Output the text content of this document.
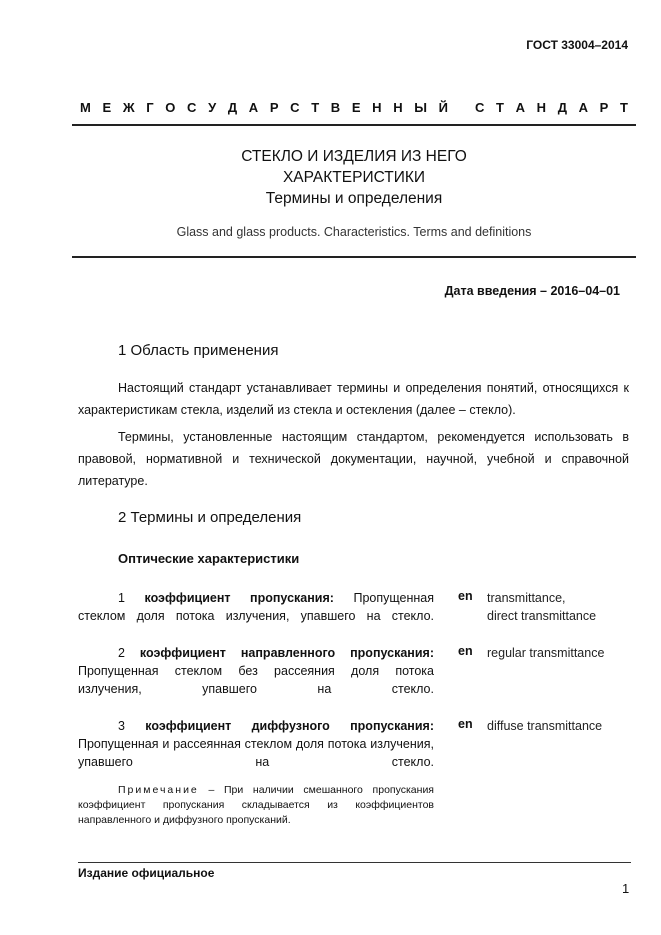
ГОСТ 33004–2014
М Е Ж Г О С У Д А Р С Т В Е Н Н Ы Й
С Т А Н Д А Р Т
СТЕКЛО И ИЗДЕЛИЯ ИЗ НЕГО
ХАРАКТЕРИСТИКИ
Термины и определения
Glass and glass products. Characteristics. Terms and definitions
Дата введения – 2016–04–01
1 Область применения
Настоящий стандарт устанавливает термины и определения понятий, относящихся к характеристикам стекла, изделий из стекла и остекления (далее – стекло).
Термины, установленные настоящим стандартом, рекомендуется использовать в правовой, нормативной и технической документации, научной, учебной и справочной литературе.
2 Термины и определения
Оптические характеристики
1 коэффициент пропускания: Пропущенная стеклом доля потока излучения, упавшего на стекло.
en transmittance,
direct transmittance
2 коэффициент направленного пропускания: Пропущенная стеклом без рассеяния доля потока излучения, упавшего на стекло.
en regular transmittance
3 коэффициент диффузного пропускания: Пропущенная и рассеянная стеклом доля потока излучения, упавшего на стекло.
en diffuse transmittance
Примечание – При наличии смешанного пропускания коэффициент пропускания складывается из коэффициентов направленного и диффузного пропусканий.
Издание официальное
1
